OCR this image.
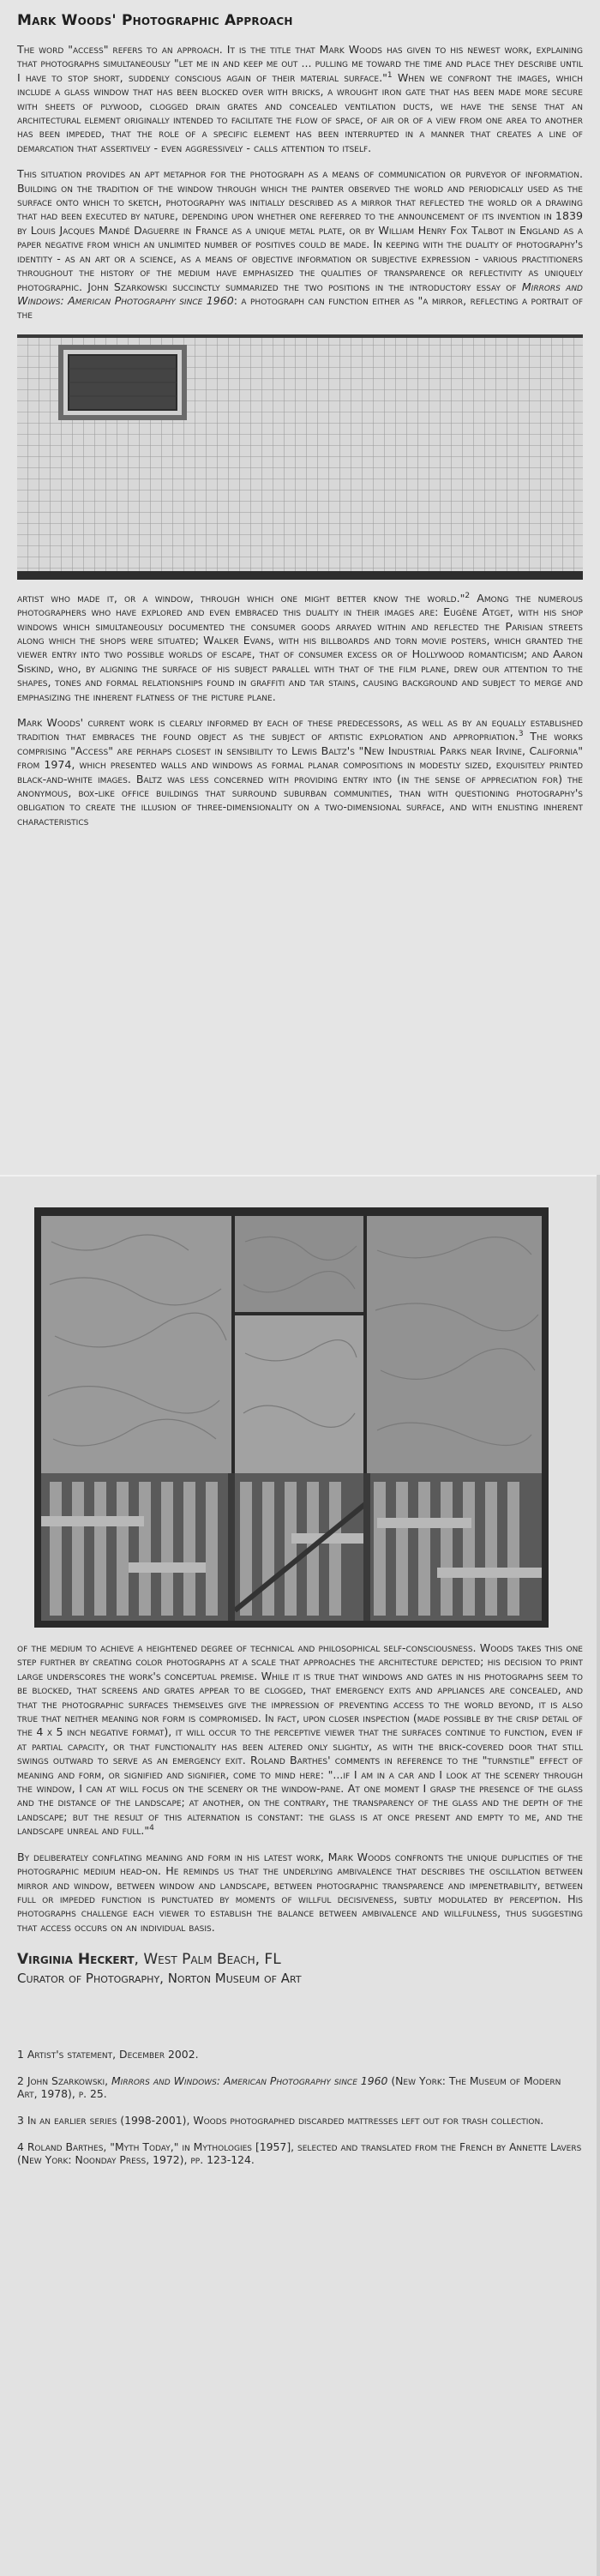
Mark Woods' Photographic Approach

The word "access" refers to an approach. It is the title that Mark Woods has given to his newest work, explaining that photographs simultaneously "let me in and keep me out ... pulling me toward the time and place they describe until I have to stop short, suddenly conscious again of their material surface."$^1$ When we confront the images, which include a glass window that has been blocked over with bricks, a wrought iron gate that has been made more secure with sheets of plywood, clogged drain grates and concealed ventilation ducts, we have the sense that an architectural element originally intended to facilitate the flow of space, of air or of a view from one area to another has been impeded, that the role of a specific element has been interrupted in a manner that creates a line of demarcation that assertively - even aggressively - calls attention to itself.

This situation provides an apt metaphor for the photograph as a means of communication or purveyor of information. Building on the tradition of the window through which the painter observed the world and periodically used as the surface onto which to sketch, photography was initially described as a mirror that reflected the world or a drawing that had been executed by nature, depending upon whether one referred to the announcement of its invention in 1839 by Louis Jacques Mandé Daguerre in France as a unique metal plate, or by William Henry Fox Talbot in England as a paper negative from which an unlimited number of positives could be made. In keeping with the duality of photography's identity - as an art or a science, as a means of objective information or subjective expression - various practitioners throughout the history of the medium have emphasized the qualities of transparence or reflectivity as uniquely photographic. John Szarkowski succinctly summarized the two positions in the introductory essay of Mirrors and Windows: American Photography since 1960: a photograph can function either as "a mirror, reflecting a portrait of the

artist who made it, or a window, through which one might better know the world."$^2$ Among the numerous photographers who have explored and even embraced this duality in their images are: Eugène Atget, with his shop windows which simultaneously documented the consumer goods arrayed within and reflected the Parisian streets along which the shops were situated; Walker Evans, with his billboards and torn movie posters, which granted the viewer entry into two possible worlds of escape, that of consumer excess or of Hollywood romanticism; and Aaron Siskind, who, by aligning the surface of his subject parallel with that of the film plane, drew our attention to the shapes, tones and formal relationships found in graffiti and tar stains, causing background and subject to merge and emphasizing the inherent flatness of the picture plane.

Mark Woods' current work is clearly informed by each of these predecessors, as well as by an equally established tradition that embraces the found object as the subject of artistic exploration and appropriation.$^3$ The works comprising "Access" are perhaps closest in sensibility to Lewis Baltz's "New Industrial Parks near Irvine, California" from 1974, which presented walls and windows as formal planar compositions in modestly sized, exquisitely printed black-and-white images. Baltz was less concerned with providing entry into (in the sense of appreciation for) the anonymous, box-like office buildings that surround suburban communities, than with questioning photography's obligation to create the illusion of three-dimensionality on a two-dimensional surface, and with enlisting inherent characteristics

of the medium to achieve a heightened degree of technical and philosophical self-consciousness. Woods takes this one step further by creating color photographs at a scale that approaches the architecture depicted; his decision to print large underscores the work's conceptual premise. While it is true that windows and gates in his photographs seem to be blocked, that screens and grates appear to be clogged, that emergency exits and appliances are concealed, and that the photographic surfaces themselves give the impression of preventing access to the world beyond, it is also true that neither meaning nor form is compromised. In fact, upon closer inspection (made possible by the crisp detail of the 4 x 5 inch negative format), it will occur to the perceptive viewer that the surfaces continue to function, even if at partial capacity, or that functionality has been altered only slightly, as with the brick-covered door that still swings outward to serve as an emergency exit. Roland Barthes' comments in reference to the "turnstile" effect of meaning and form, or signified and signifier, come to mind here: "...if I am in a car and I look at the scenery through the window, I can at will focus on the scenery or the window-pane. At one moment I grasp the presence of the glass and the distance of the landscape; at another, on the contrary, the transparency of the glass and the depth of the landscape; but the result of this alternation is constant: the glass is at once present and empty to me, and the landscape unreal and full."$^4$

By deliberately conflating meaning and form in his latest work, Mark Woods confronts the unique duplicities of the photographic medium head-on. He reminds us that the underlying ambivalence that describes the oscillation between mirror and window, between window and landscape, between photographic transparence and impenetrability, between full or impeded function is punctuated by moments of willful decisiveness, subtly modulated by perception. His photographs challenge each viewer to establish the balance between ambivalence and willfulness, thus suggesting that access occurs on an individual basis.

Virginia Heckert, West Palm Beach, FL
Curator of Photography, Norton Museum of Art

1 Artist's statement, December 2002.

2 John Szarkowski, Mirrors and Windows: American Photography since 1960 (New York: The Museum of Modern Art, 1978), p. 25.

3 In an earlier series (1998-2001), Woods photographed discarded mattresses left out for trash collection.

4 Roland Barthes, "Myth Today," in Mythologies [1957], selected and translated from the French by Annette Lavers (New York: Noonday Press, 1972), pp. 123-124.
